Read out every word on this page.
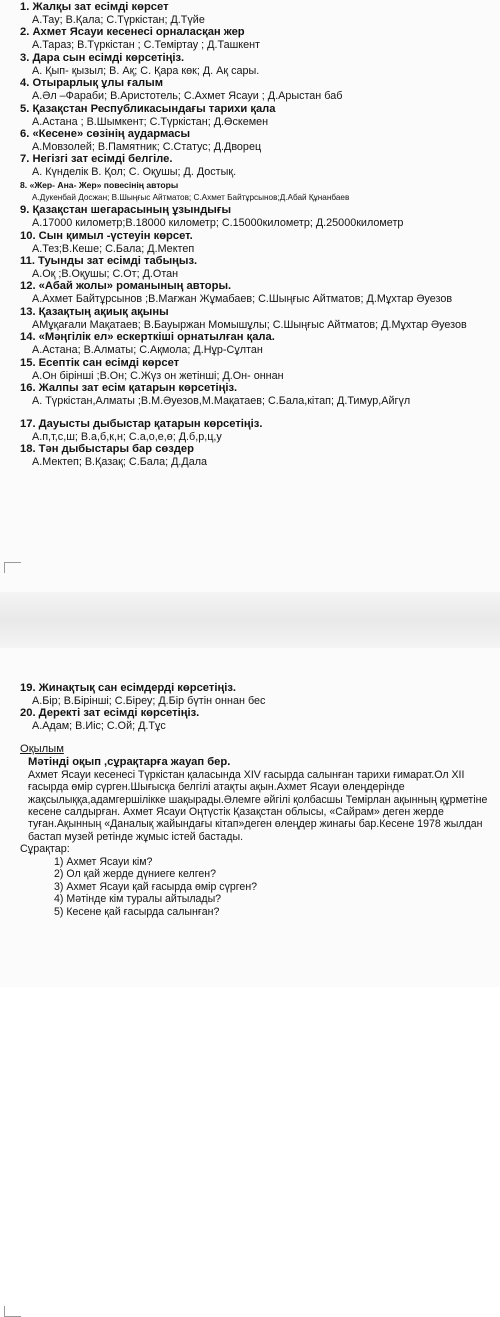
1. Жалқы зат есімді көрсет
А.Тау; В.Қала; С.Түркістан; Д.Түйе
2. Ахмет Ясауи кесенесі орналасқан жер
А.Тараз; В.Түркістан ; С.Теміртау ; Д.Ташкент
3. Дара сын есімді көрсетіңіз.
А. Қып- қызыл; В. Ақ; С. Қара көк; Д. Ақ сары.
4. Отырарлық ұлы ғалым
А.Әл –Фараби; В.Аристотель; С.Ахмет Ясауи ; Д.Арыстан баб
5. Қазақстан Республикасындағы тарихи қала
А.Астана ; В.Шымкент; С.Түркістан; Д.Өскемен
6. «Кесене» сөзінің аудармасы
А.Мовзолей; В.Памятник; С.Статус; Д.Дворец
7. Негізгі зат есімді белгіле.
А. Күнделік В. Қол; С. Оқушы; Д. Достық.
8. «Жер- Ана- Жер» повесінің авторы
А.Дукенбай Досжан; В.Шыңғыс Айтматов; С.Ахмет Байтұрсынов;Д.Абай Құнанбаев
9. Қазақстан шегарасының ұзындығы
А.17000 километр;В.18000 километр; С.15000километр; Д.25000километр
10. Сын қимыл -үстеуін көрсет.
А.Тез;В.Кеше; С.Бала; Д.Мектеп
11. Туынды зат есімді табыңыз.
А.Оқ ;В.Оқушы; С.От; Д.Отан
12. «Абай жолы» романының авторы.
А.Ахмет Байтұрсынов ;В.Мағжан Жұмабаев; С.Шыңғыс Айтматов; Д.Мұхтар Әуезов
13. Қазақтың ақиық ақыны
АМұқағали Мақатаев; В.Бауыржан Момышұлы; С.Шыңғыс Айтматов; Д.Мұхтар Әуезов
14. «Мәңгілік ел» ескерткіші орнатылған қала.
А.Астана; В.Алматы; С.Ақмола; Д.Нұр-Сұлтан
15. Есептік сан есімді көрсет
А.Он бірінші ;В.Он; С.Жүз он жетінші; Д.Он- оннан
16. Жалпы зат есім қатарын көрсетіңіз.
А. Түркістан,Алматы ;В.М.Әуезов,М.Мақатаев; С.Бала,кітап; Д.Тимур,Айгүл
17. Дауысты дыбыстар қатарын көрсетіңіз.
А.п,т,с,ш; В.а,б,к,н; С.а,о,е,ө; Д.б,р,ц,у
18. Тән дыбыстары бар сөздер
А.Мектеп; В.Қазақ; С.Бала; Д.Дала
19. Жинақтық сан есімдерді көрсетіңіз.
А.Бір; В.Бірінші; С.Біреу; Д.Бір бүтін оннан бес
20. Деректі зат есімді көрсетіңіз.
А.Адам; В.Иіс; С.Ой; Д.Тұс
Оқылым
Мәтінді оқып ,сұрақтарға жауап бер.
Ахмет Ясауи кесенесі Түркістан қаласында XIV ғасырда салынған тарихи ғимарат.Ол XII ғасырда өмір сүрген.Шығысқа белгілі атақты ақын.Ахмет Ясауи өлеңдерінде жақсылыққа,адамгершілікке шақырады.Әлемге әйгілі қолбасшы Темірлан ақынның құрметіне кесене салдырған. Ахмет Ясауи Оңтүстік Қазақстан облысы, «Сайрам» деген жерде туған.Ақынның «Даналық жайындағы кітап»деген өлеңдер жинағы бар.Кесене 1978 жылдан бастап музей ретінде жұмыс істей бастады.
Сұрақтар:
1) Ахмет Ясауи кім?
2) Ол қай жерде дүниеге келген?
3) Ахмет Ясауи қай ғасырда өмір сүрген?
4) Мәтінде кім туралы айтылады?
5) Кесене қай ғасырда салынған?
